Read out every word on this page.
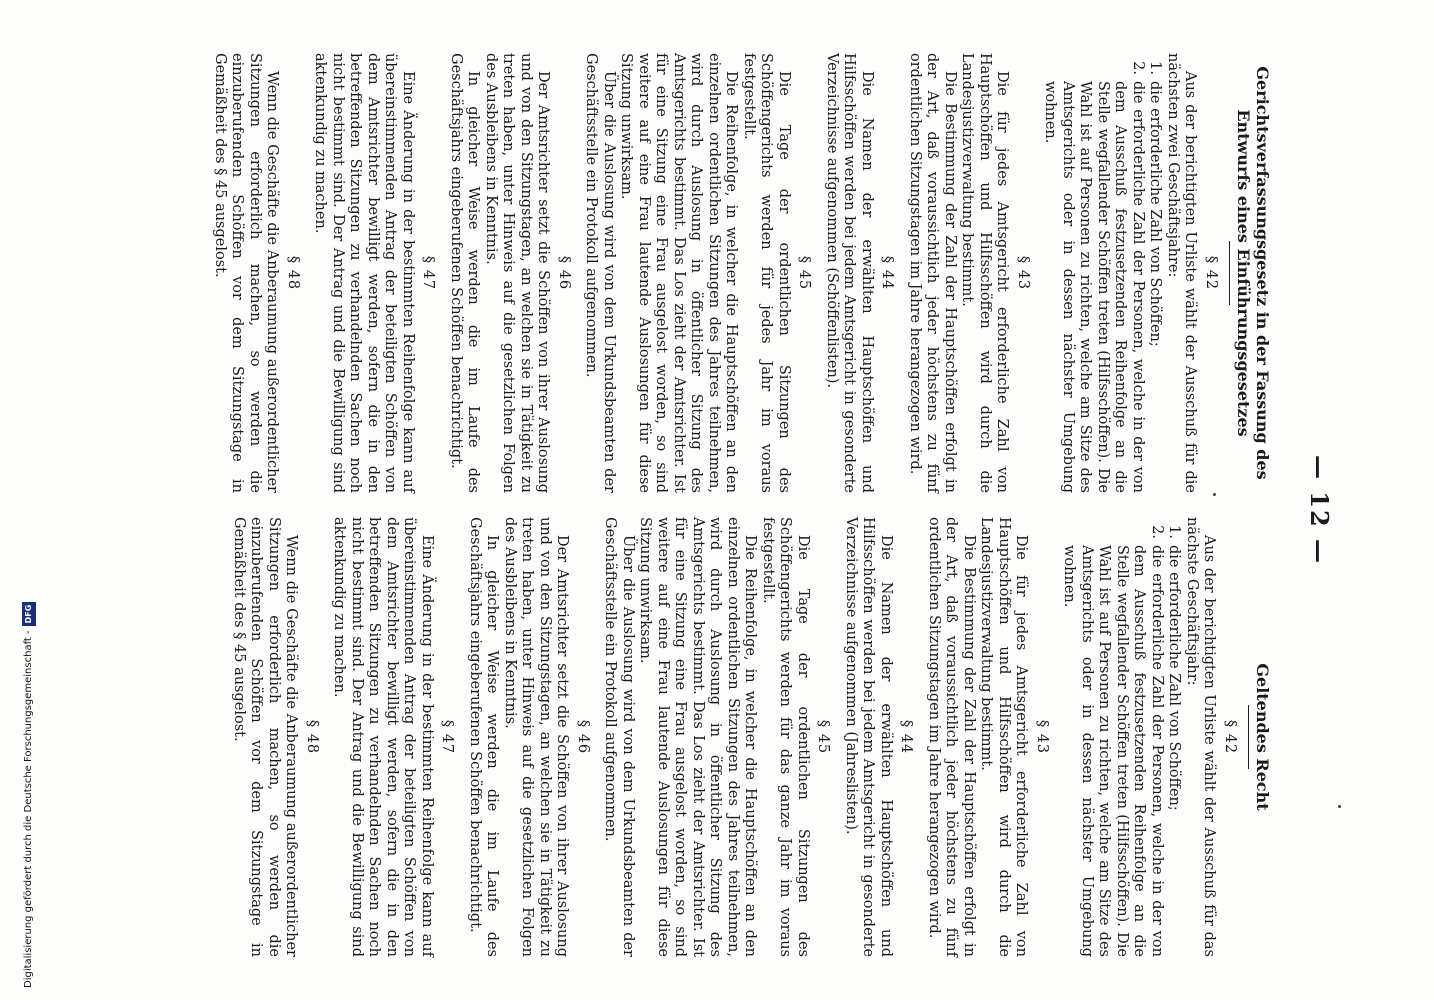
— 12 —
Gerichtsverfassungsgesetz in der Fassung des Entwurfs eines Einführungsgesetzes
§ 42

Aus der berichtigten Urliste wählt der Ausschuß für die nächsten zwei Geschäftsjahre:

1.
die erforderliche Zahl von Schöffen;
2.
die erforderliche Zahl der Personen, welche in der von dem Ausschuß festzusetzenden Reihenfolge an die Stelle wegfallender Schöffen treten (Hilfsschöffen). Die Wahl ist auf Personen zu richten, welche am Sitze des Amtsgerichts oder in dessen nächster Umgebung wohnen.
§ 43

Die für jedes Amtsgericht erforderliche Zahl von Hauptschöffen und Hilfsschöffen wird durch die Landesjustizverwaltung bestimmt.

Die Bestimmung der Zahl der Hauptschöffen erfolgt in der Art, daß voraussichtlich jeder höchstens zu fünf ordentlichen Sitzungstagen im Jahre herangezogen wird.

§ 44

Die Namen der erwählten Hauptschöffen und Hilfsschöffen werden bei jedem Amtsgericht in gesonderte Verzeichnisse aufgenommen (Schöffenlisten).

§ 45

Die Tage der ordentlichen Sitzungen des Schöffengerichts werden für jedes Jahr im voraus festgestellt.

Die Reihenfolge, in welcher die Hauptschöffen an den einzelnen ordentlichen Sitzungen des Jahres teilnehmen, wird durch Auslosung in öffentlicher Sitzung des Amtsgerichts bestimmt. Das Los zieht der Amtsrichter. Ist für eine Sitzung eine Frau ausgelost worden, so sind weitere auf eine Frau lautende Auslosungen für diese Sitzung unwirksam.

Über die Auslosung wird von dem Urkundsbeamten der Geschäftsstelle ein Protokoll aufgenommen.

§ 46

Der Amtsrichter setzt die Schöffen von ihrer Auslosung und von den Sitzungstagen, an welchen sie in Tätigkeit zu treten haben, unter Hinweis auf die gesetzlichen Folgen des Ausbleibens in Kenntnis.

In gleicher Weise werden die im Laufe des Geschäftsjahrs eingeberufenen Schöffen benachrichtigt.

§ 47

Eine Änderung in der bestimmten Reihenfolge kann auf übereinstimmenden Antrag der beteiligten Schöffen von dem Amtsrichter bewilligt werden, sofern die in den betreffenden Sitzungen zu verhandelnden Sachen noch nicht bestimmt sind. Der Antrag und die Bewilligung sind aktenkundig zu machen.

§ 48

Wenn die Geschäfte die Anberaumung außerordentlicher Sitzungen erforderlich machen, so werden die einzuberufenden Schöffen vor dem Sitzungstage in Gemäßheit des § 45 ausgelost.

Geltendes Recht
§ 42

Aus der berichtigten Urliste wählt der Ausschuß für das nächste Geschäftsjahr:

1.
die erforderliche Zahl von Schöffen;
2.
die erforderliche Zahl der Personen, welche in der von dem Ausschuß festzusetzenden Reihenfolge an die Stelle wegfallender Schöffen treten (Hilfsschöffen). Die Wahl ist auf Personen zu richten, welche am Sitze des Amtsgerichts oder in dessen nächster Umgebung wohnen.
§ 43

Die für jedes Amtsgericht erforderliche Zahl von Hauptschöffen und Hilfsschöffen wird durch die Landesjustizverwaltung bestimmt.

Die Bestimmung der Zahl der Hauptschöffen erfolgt in der Art, daß voraussichtlich jeder höchstens zu fünf ordentlichen Sitzungstagen im Jahre herangezogen wird.

§ 44

Die Namen der erwählten Hauptschöffen und Hilfsschöffen werden bei jedem Amtsgericht in gesonderte Verzeichnisse aufgenommen (Jahreslisten).

§ 45

Die Tage der ordentlichen Sitzungen des Schöffengerichts werden für das ganze Jahr im voraus festgestellt.

Die Reihenfolge, in welcher die Hauptschöffen an den einzelnen ordentlichen Sitzungen des Jahres teilnehmen, wird durch Auslosung in öffentlicher Sitzung des Amtsgerichts bestimmt. Das Los zieht der Amtsrichter. Ist für eine Sitzung eine Frau ausgelost worden, so sind weitere auf eine Frau lautende Auslosungen für diese Sitzung unwirksam.

Über die Auslosung wird von dem Urkundsbeamten der Geschäftsstelle ein Protokoll aufgenommen.

§ 46

Der Amtsrichter setzt die Schöffen von ihrer Auslosung und von den Sitzungstagen, an welchen sie in Tätigkeit zu treten haben, unter Hinweis auf die gesetzlichen Folgen des Ausbleibens in Kenntnis.

In gleicher Weise werden die im Laufe des Geschäftsjahrs eingeberufenen Schöffen benachrichtigt.

§ 47

Eine Änderung in der bestimmten Reihenfolge kann auf übereinstimmenden Antrag der beteiligten Schöffen von dem Amtsrichter bewilligt werden, sofern die in den betreffenden Sitzungen zu verhandelnden Sachen noch nicht bestimmt sind. Der Antrag und die Bewilligung sind aktenkundig zu machen.

§ 48

Wenn die Geschäfte die Anberaumung außerordentlicher Sitzungen erforderlich machen, so werden die einzuberufenden Schöffen vor dem Sitzungstage in Gemäßheit des § 45 ausgelost.

Digitalisierung gefördert durch die Deutsche Forschungsgemeinschaft -
DFG
